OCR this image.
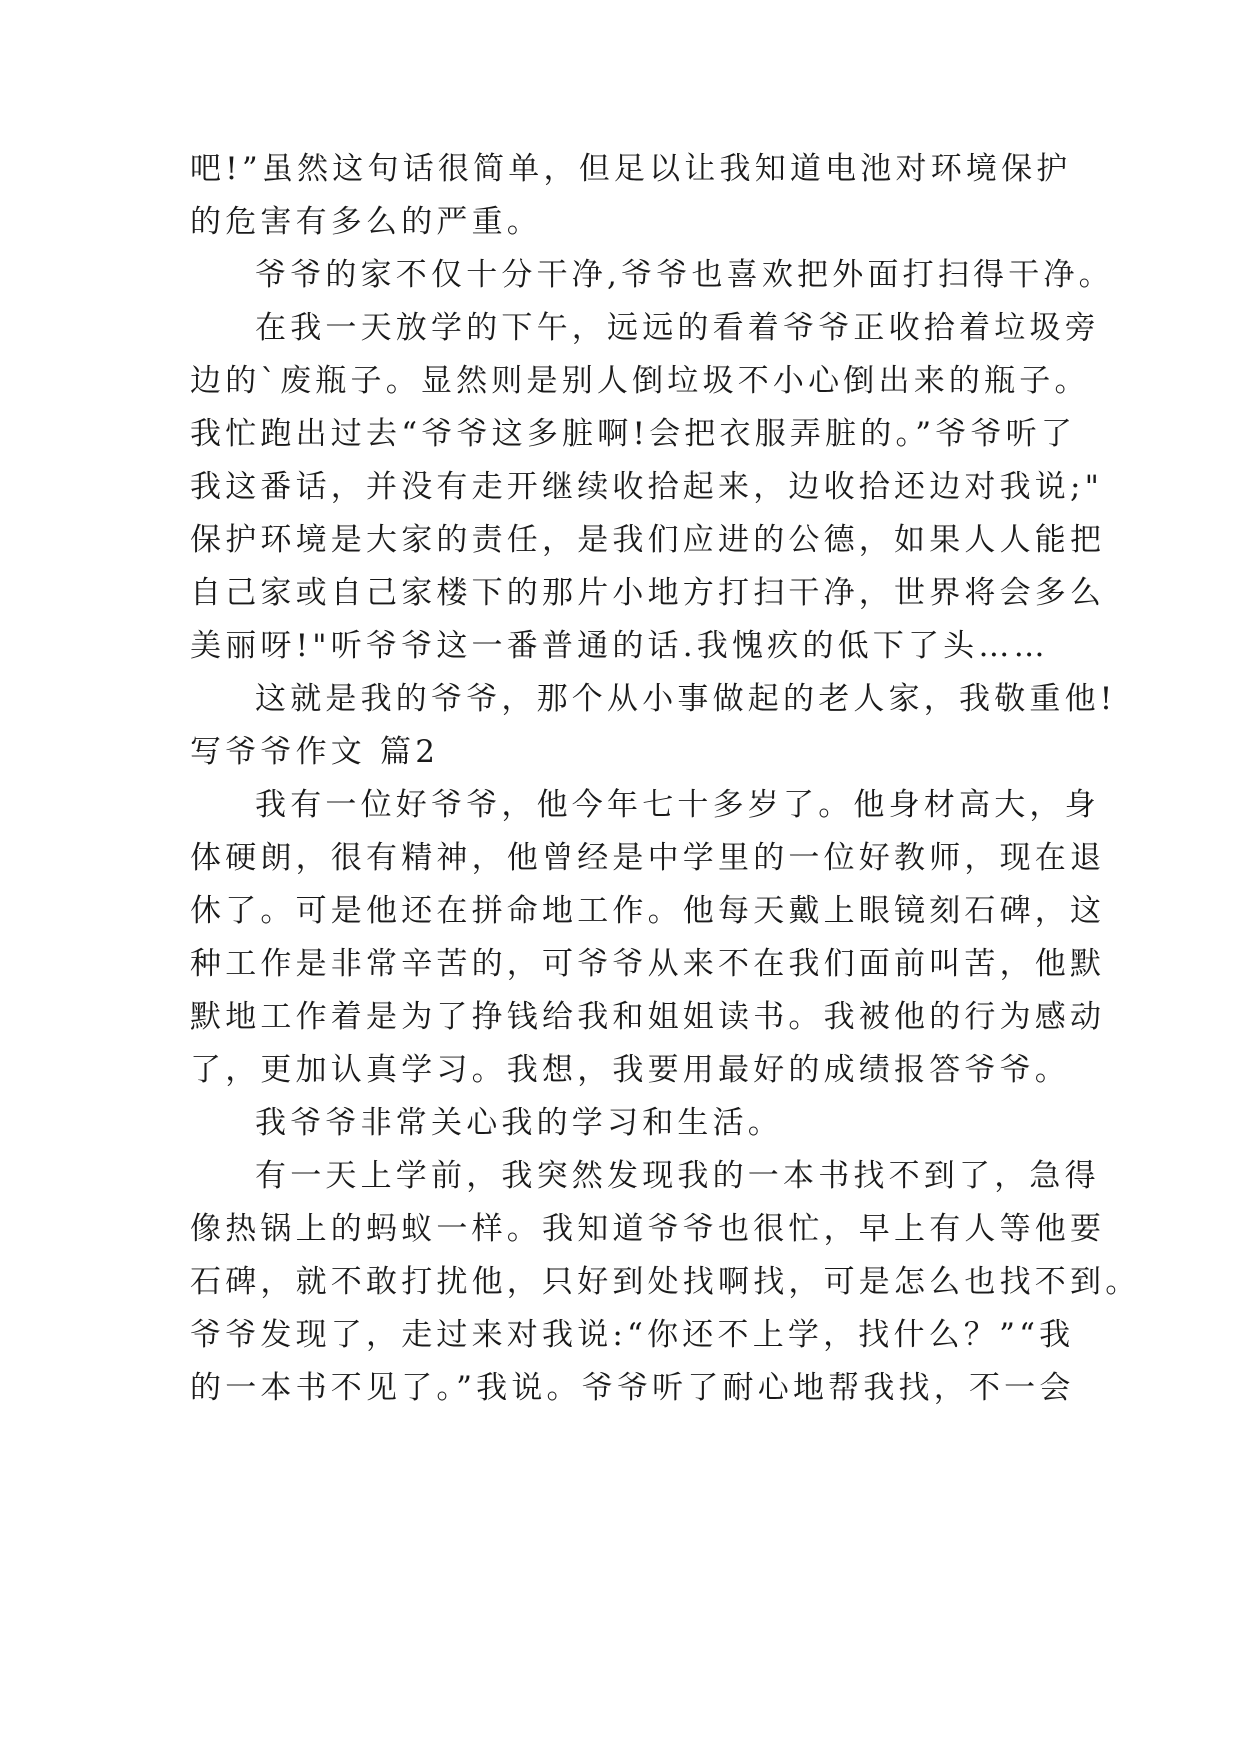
吧!”虽然这句话很简单，但足以让我知道电池对环境保护
的危害有多么的严重。
爷爷的家不仅十分干净,爷爷也喜欢把外面打扫得干净。
在我一天放学的下午，远远的看着爷爷正收拾着垃圾旁
边的`废瓶子。显然则是别人倒垃圾不小心倒出来的瓶子。
我忙跑出过去“爷爷这多脏啊!会把衣服弄脏的。”爷爷听了
我这番话，并没有走开继续收拾起来，边收拾还边对我说;"
保护环境是大家的责任，是我们应进的公德，如果人人能把
自己家或自己家楼下的那片小地方打扫干净，世界将会多么
美丽呀!"听爷爷这一番普通的话.我愧疚的低下了头……
这就是我的爷爷，那个从小事做起的老人家，我敬重他!
写爷爷作文 篇2
我有一位好爷爷，他今年七十多岁了。他身材高大，身
体硬朗，很有精神，他曾经是中学里的一位好教师，现在退
休了。可是他还在拼命地工作。他每天戴上眼镜刻石碑，这
种工作是非常辛苦的，可爷爷从来不在我们面前叫苦，他默
默地工作着是为了挣钱给我和姐姐读书。我被他的行为感动
了，更加认真学习。我想，我要用最好的成绩报答爷爷。
我爷爷非常关心我的学习和生活。
有一天上学前，我突然发现我的一本书找不到了，急得
像热锅上的蚂蚁一样。我知道爷爷也很忙，早上有人等他要
石碑，就不敢打扰他，只好到处找啊找，可是怎么也找不到。
爷爷发现了，走过来对我说:“你还不上学，找什么？”“我
的一本书不见了。”我说。爷爷听了耐心地帮我找，不一会
